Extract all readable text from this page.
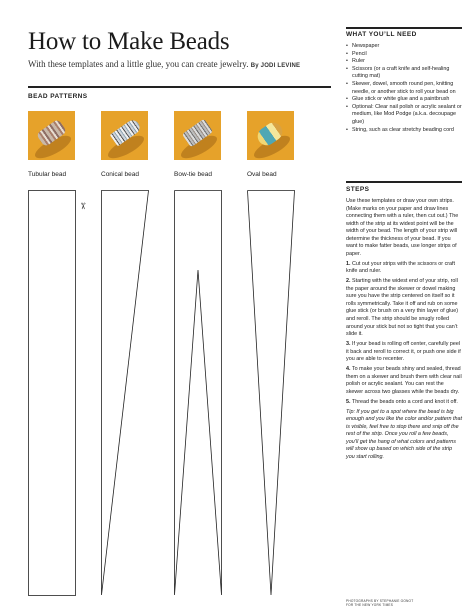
How to Make Beads
With these templates and a little glue, you can create jewelry. By JODI LEVINE
BEAD PATTERNS
Tubular bead	Conical bead	Bow-tie bead	Oval bead
✂
WHAT YOU’LL NEED
• Newspaper
• Pencil
• Ruler
• Scissors (or a craft knife and self-healing cutting mat)
• Skewer, dowel, smooth round pen, knitting needle, or another stick to roll your bead on
• Glue stick or white glue and a paintbrush
• Optional: Clear nail polish or acrylic sealant or medium, like Mod Podge (a.k.a. decoupage glue)
• String, such as clear stretchy beading cord
STEPS

Use these templates or draw your own strips. (Make marks on your paper and draw lines connecting them with a ruler, then cut out.) The width of the strip at its widest point will be the width of your bead. The length of your strip will determine the thickness of your bead. If you want to make fatter beads, use longer strips of paper.

1. Cut out your strips with the scissors or craft knife and ruler.

2. Starting with the widest end of your strip, roll the paper around the skewer or dowel making sure you have the strip centered on itself so it rolls symmetrically. Take it off and rub on some glue stick (or brush on a very thin layer of glue) and reroll. The strip should be snugly rolled around your stick but not so tight that you can’t slide it.

3. If your bead is rolling off center, carefully peel it back and reroll to correct it, or push one side if you are able to recenter.

4. To make your beads shiny and sealed, thread them on a skewer and brush them with clear nail polish or acrylic sealant. You can rest the skewer across two glasses while the beads dry.

5. Thread the beads onto a cord and knot it off.

Tip: If you get to a spot where the bead is big enough and you like the color and/or pattern that is visible, feel free to stop there and snip off the rest of the strip. Once you roll a few beads, you’ll get the hang of what colors and patterns will show up based on which side of the strip you start rolling.

PHOTOGRAPHS BY STEPHANIE GONOT
FOR THE NEW YORK TIMES
